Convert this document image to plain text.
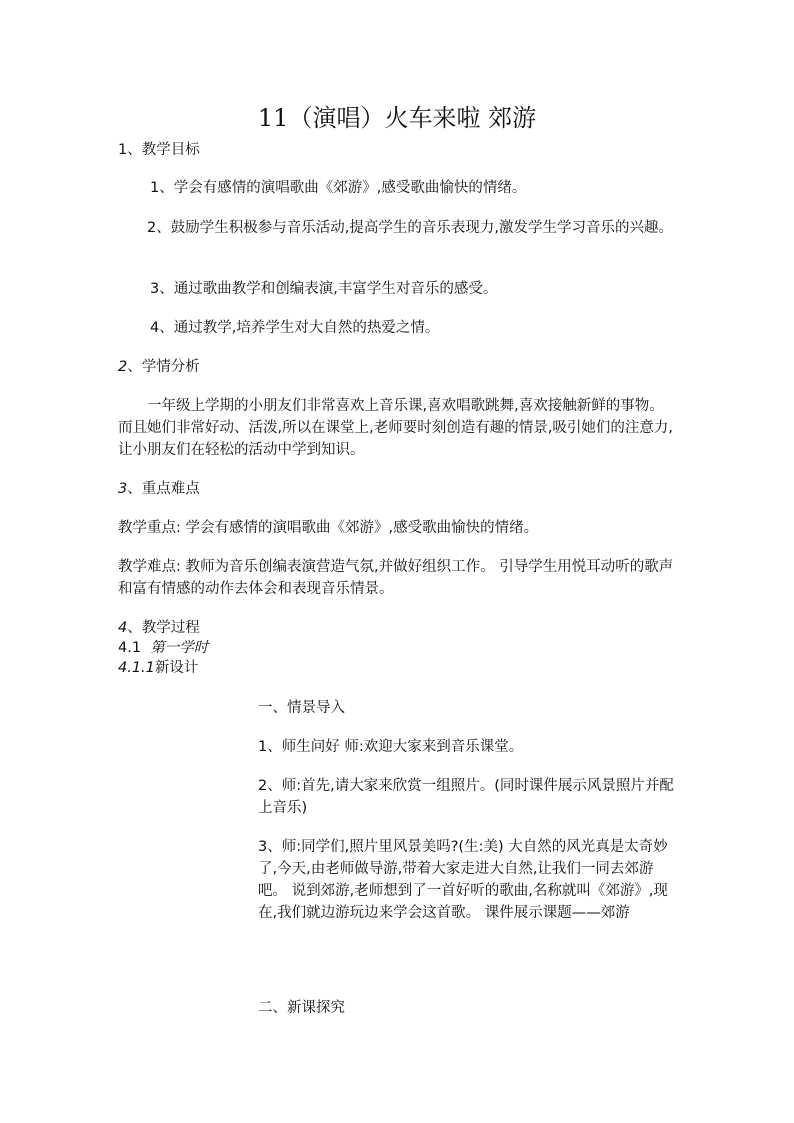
11（演唱）火车来啦 郊游
1、教学目标
1、学会有感情的演唱歌曲《郊游》,感受歌曲愉快的情绪。
2、鼓励学生积极参与音乐活动,提高学生的音乐表现力,激发学生学习音乐的兴趣。
3、通过歌曲教学和创编表演,丰富学生对音乐的感受。
4、通过教学,培养学生对大自然的热爱之情。
2、学情分析
一年级上学期的小朋友们非常喜欢上音乐课,喜欢唱歌跳舞,喜欢接触新鲜的事物。而且她们非常好动、活泼,所以在课堂上,老师要时刻创造有趣的情景,吸引她们的注意力,让小朋友们在轻松的活动中学到知识。
3、重点难点
教学重点: 学会有感情的演唱歌曲《郊游》,感受歌曲愉快的情绪。
教学难点: 教师为音乐创编表演营造气氛,并做好组织工作。 引导学生用悦耳动听的歌声和富有情感的动作去体会和表现音乐情景。
4、教学过程
4.1  第一学时
4.1.1新设计
一、情景导入
1、师生问好 师:欢迎大家来到音乐课堂。
2、师:首先,请大家来欣赏一组照片。(同时课件展示风景照片并配上音乐)
3、师:同学们,照片里风景美吗?(生:美) 大自然的风光真是太奇妙了,今天,由老师做导游,带着大家走进大自然,让我们一同去郊游吧。 说到郊游,老师想到了一首好听的歌曲,名称就叫《郊游》,现在,我们就边游玩边来学会这首歌。 课件展示课题——郊游
二、新课探究
